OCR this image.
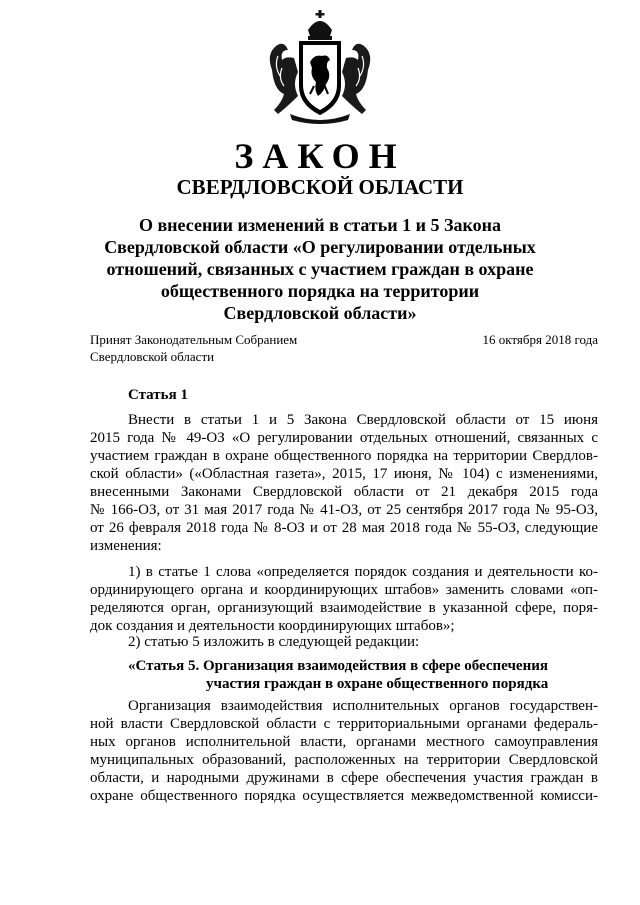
ЗАКОН
СВЕРДЛОВСКОЙ ОБЛАСТИ
О внесении изменений в статьи 1 и 5 Закона
Свердловской области «О регулировании отдельных
отношений, связанных с участием граждан в охране
общественного порядка на территории
Свердловской области»
Принят Законодательным Собранием
Свердловской области
16 октября 2018 года
Статья 1
Внести в статьи 1 и 5 Закона Свердловской области от 15 июня
2015 года № 49-ОЗ «О регулировании отдельных отношений, связанных с
участием граждан в охране общественного порядка на территории Свердлов-
ской области» («Областная газета», 2015, 17 июня, № 104) с изменениями,
внесенными Законами Свердловской области от 21 декабря 2015 года
№ 166-ОЗ, от 31 мая 2017 года № 41-ОЗ, от 25 сентября 2017 года № 95-ОЗ,
от 26 февраля 2018 года № 8-ОЗ и от 28 мая 2018 года № 55-ОЗ, следующие
изменения:
1) в статье 1 слова «определяется порядок создания и деятельности ко-
ординирующего органа и координирующих штабов» заменить словами «оп-
ределяются орган, организующий взаимодействие в указанной сфере, поря-
док создания и деятельности координирующих штабов»;
2) статью 5 изложить в следующей редакции:
«Статья 5. Организация взаимодействия в сфере обеспечения
участия граждан в охране общественного порядка
Организация взаимодействия исполнительных органов государствен-
ной власти Свердловской области с территориальными органами федераль-
ных органов исполнительной власти, органами местного самоуправления
муниципальных образований, расположенных на территории Свердловской
области, и народными дружинами в сфере обеспечения участия граждан в
охране общественного порядка осуществляется межведомственной комисси-
